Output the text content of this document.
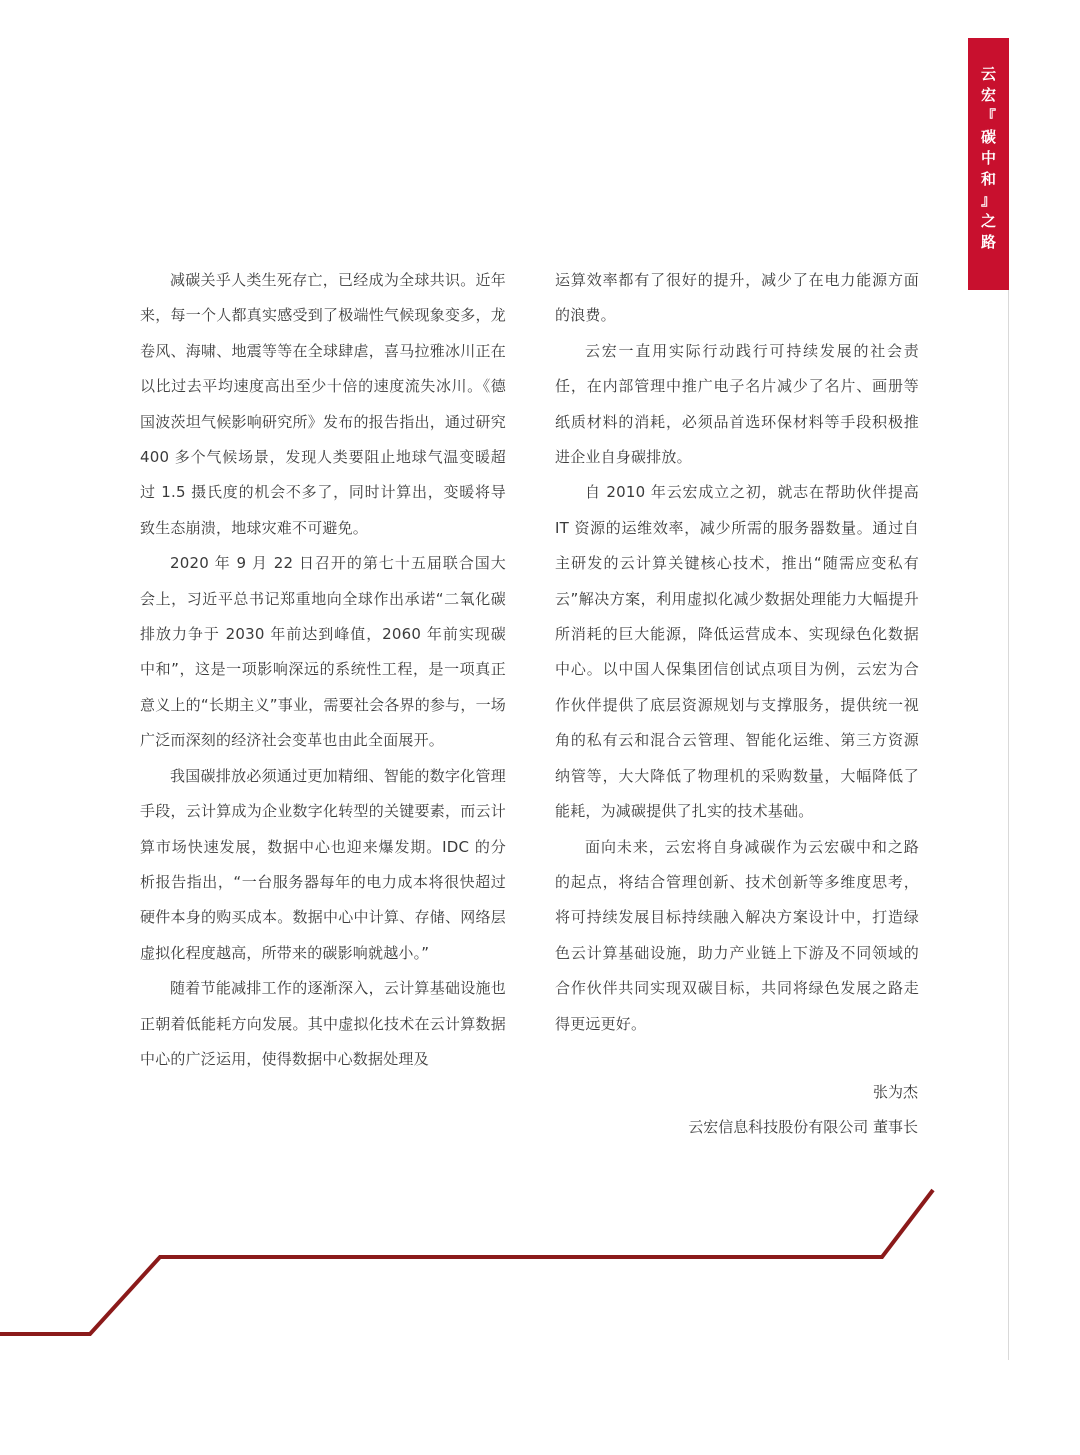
云
宏
『
碳
中
和
』
之
路

减碳关乎人类生死存亡，已经成为全球共识。近年来，每一个人都真实感受到了极端性气候现象变多，龙卷风、海啸、地震等等在全球肆虐，喜马拉雅冰川正在以比过去平均速度高出至少十倍的速度流失冰川。《德国波茨坦气候影响研究所》发布的报告指出，通过研究 400 多个气候场景，发现人类要阻止地球气温变暖超过 1.5 摄氏度的机会不多了，同时计算出，变暖将导致生态崩溃，地球灾难不可避免。

2020 年 9 月 22 日召开的第七十五届联合国大会上，习近平总书记郑重地向全球作出承诺“二氧化碳排放力争于 2030 年前达到峰值，2060 年前实现碳中和”，这是一项影响深远的系统性工程，是一项真正意义上的“长期主义”事业，需要社会各界的参与，一场广泛而深刻的经济社会变革也由此全面展开。

我国碳排放必须通过更加精细、智能的数字化管理手段，云计算成为企业数字化转型的关键要素，而云计算市场快速发展，数据中心也迎来爆发期。IDC 的分析报告指出，“一台服务器每年的电力成本将很快超过硬件本身的购买成本。数据中心中计算、存储、网络层虚拟化程度越高，所带来的碳影响就越小。”

随着节能减排工作的逐渐深入，云计算基础设施也正朝着低能耗方向发展。其中虚拟化技术在云计算数据中心的广泛运用，使得数据中心数据处理及

运算效率都有了很好的提升，减少了在电力能源方面的浪费。

云宏一直用实际行动践行可持续发展的社会责任，在内部管理中推广电子名片减少了名片、画册等纸质材料的消耗，必须品首选环保材料等手段积极推进企业自身碳排放。

自 2010 年云宏成立之初，就志在帮助伙伴提高 IT 资源的运维效率，减少所需的服务器数量。通过自主研发的云计算关键核心技术，推出“随需应变私有云”解决方案，利用虚拟化减少数据处理能力大幅提升所消耗的巨大能源，降低运营成本、实现绿色化数据中心。以中国人保集团信创试点项目为例，云宏为合作伙伴提供了底层资源规划与支撑服务，提供统一视角的私有云和混合云管理、智能化运维、第三方资源纳管等，大大降低了物理机的采购数量，大幅降低了能耗，为减碳提供了扎实的技术基础。

面向未来，云宏将自身减碳作为云宏碳中和之路的起点，将结合管理创新、技术创新等多维度思考，将可持续发展目标持续融入解决方案设计中，打造绿色云计算基础设施，助力产业链上下游及不同领域的合作伙伴共同实现双碳目标，共同将绿色发展之路走得更远更好。

张为杰
云宏信息科技股份有限公司 董事长
